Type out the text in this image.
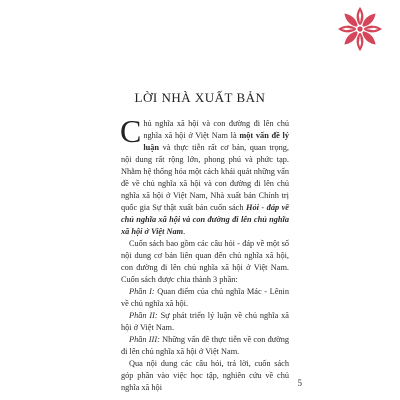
LỜI NHÀ XUẤT BẢN

Chủ nghĩa xã hội và con đường đi lên chủ nghĩa xã hội ở Việt Nam là một vấn đề lý luận và thực tiễn rất cơ bản, quan trọng, nội dung rất rộng lớn, phong phú và phức tạp. Nhằm hệ thống hóa một cách khái quát những vấn đề về chủ nghĩa xã hội và con đường đi lên chủ nghĩa xã hội ở Việt Nam, Nhà xuất bản Chính trị quốc gia Sự thật xuất bản cuốn sách Hỏi - đáp về chủ nghĩa xã hội và con đường đi lên chủ nghĩa xã hội ở Việt Nam.

Cuốn sách bao gồm các câu hỏi - đáp về một số nội dung cơ bản liên quan đến chủ nghĩa xã hội, con đường đi lên chủ nghĩa xã hội ở Việt Nam. Cuốn sách được chia thành 3 phần:

Phần I: Quan điểm của chủ nghĩa Mác - Lênin về chủ nghĩa xã hội.

Phần II: Sự phát triển lý luận về chủ nghĩa xã hội ở Việt Nam.

Phần III: Những vấn đề thực tiễn về con đường đi lên chủ nghĩa xã hội ở Việt Nam.

Qua nội dung các câu hỏi, trả lời, cuốn sách góp phần vào việc học tập, nghiên cứu về chủ nghĩa xã hội	5
